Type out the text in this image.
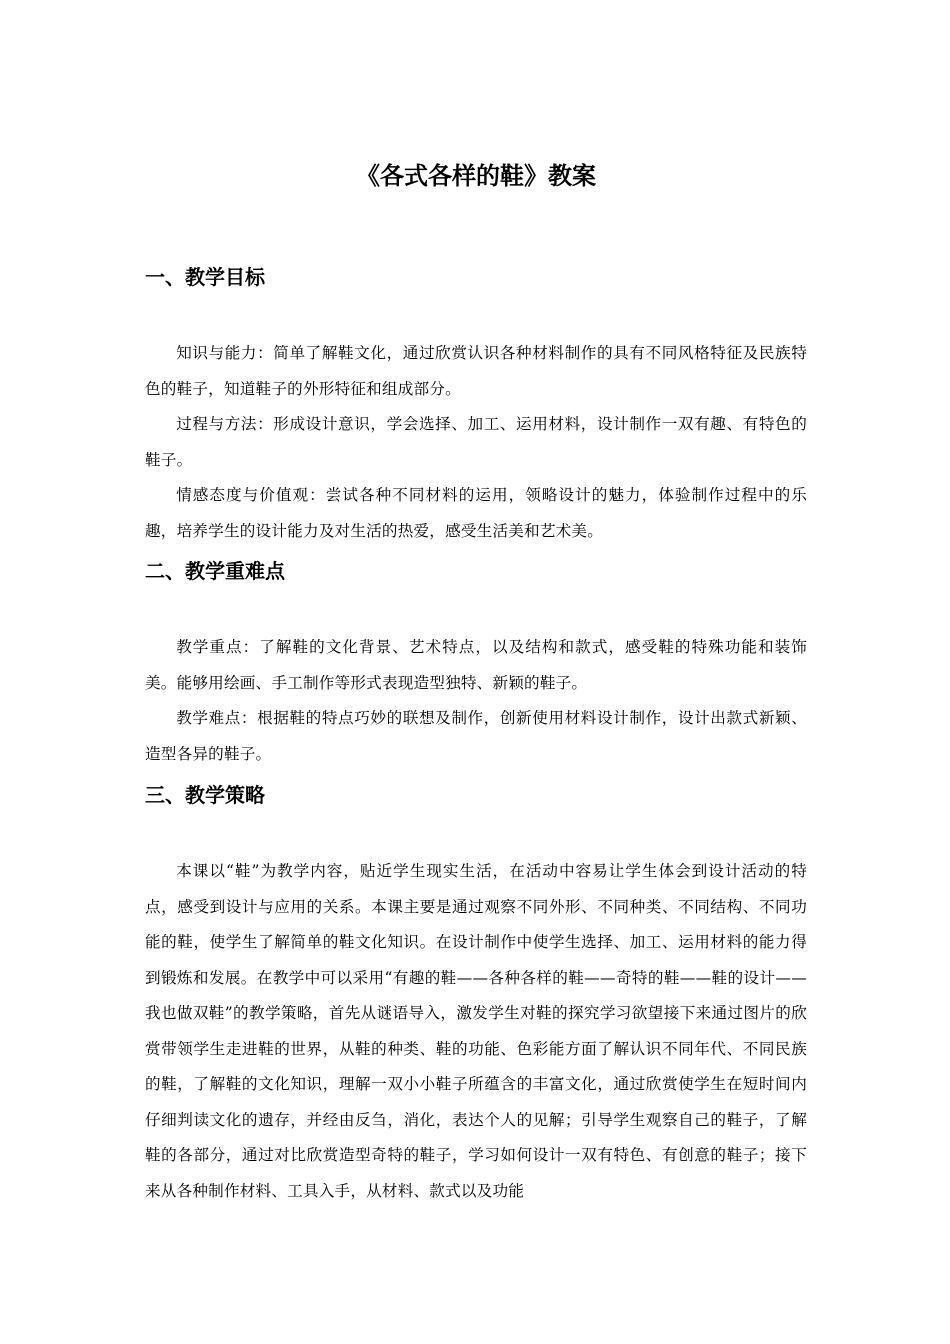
《各式各样的鞋》教案
一、教学目标

知识与能力：简单了解鞋文化，通过欣赏认识各种材料制作的具有不同风格特征及民族特色的鞋子，知道鞋子的外形特征和组成部分。

过程与方法：形成设计意识，学会选择、加工、运用材料，设计制作一双有趣、有特色的鞋子。

情感态度与价值观：尝试各种不同材料的运用，领略设计的魅力，体验制作过程中的乐趣，培养学生的设计能力及对生活的热爱，感受生活美和艺术美。

二、教学重难点

教学重点：了解鞋的文化背景、艺术特点，以及结构和款式，感受鞋的特殊功能和装饰美。能够用绘画、手工制作等形式表现造型独特、新颖的鞋子。

教学难点：根据鞋的特点巧妙的联想及制作，创新使用材料设计制作，设计出款式新颖、造型各异的鞋子。

三、教学策略

本课以“鞋”为教学内容，贴近学生现实生活，在活动中容易让学生体会到设计活动的特点，感受到设计与应用的关系。本课主要是通过观察不同外形、不同种类、不同结构、不同功能的鞋，使学生了解简单的鞋文化知识。在设计制作中使学生选择、加工、运用材料的能力得到锻炼和发展。在教学中可以采用“有趣的鞋——各种各样的鞋——奇特的鞋——鞋的设计——我也做双鞋”的教学策略，首先从谜语导入，激发学生对鞋的探究学习欲望接下来通过图片的欣赏带领学生走进鞋的世界，从鞋的种类、鞋的功能、色彩能方面了解认识不同年代、不同民族的鞋，了解鞋的文化知识，理解一双小小鞋子所蕴含的丰富文化，通过欣赏使学生在短时间内仔细判读文化的遗存，并经由反刍，消化，表达个人的见解；引导学生观察自己的鞋子，了解鞋的各部分，通过对比欣赏造型奇特的鞋子，学习如何设计一双有特色、有创意的鞋子；接下来从各种制作材料、工具入手，从材料、款式以及功能
